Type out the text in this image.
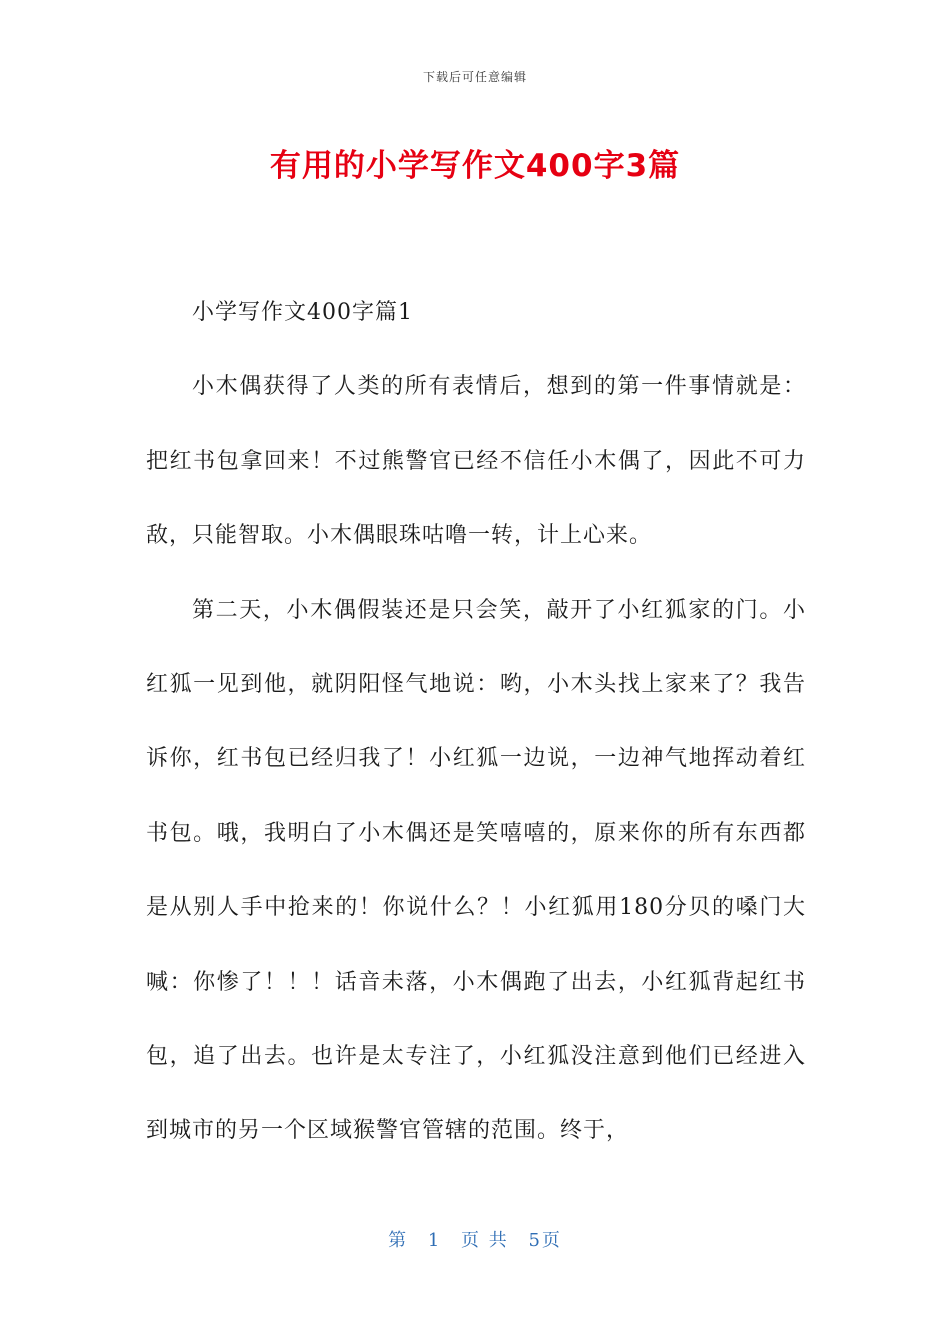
下载后可任意编辑
有用的小学写作文400字3篇

小学写作文400字篇1

小木偶获得了人类的所有表情后，想到的第一件事情就是：把红书包拿回来！不过熊警官已经不信任小木偶了，因此不可力敌，只能智取。小木偶眼珠咕噜一转，计上心来。

第二天，小木偶假装还是只会笑，敲开了小红狐家的门。小红狐一见到他，就阴阳怪气地说：哟，小木头找上家来了？我告诉你，红书包已经归我了！小红狐一边说，一边神气地挥动着红书包。哦，我明白了小木偶还是笑嘻嘻的，原来你的所有东西都是从别人手中抢来的！你说什么？！小红狐用180分贝的嗓门大喊：你惨了！！！话音未落，小木偶跑了出去，小红狐背起红书包，追了出去。也许是太专注了，小红狐没注意到他们已经进入到城市的另一个区域猴警官管辖的范围。终于，

第 1 页 共 5页
